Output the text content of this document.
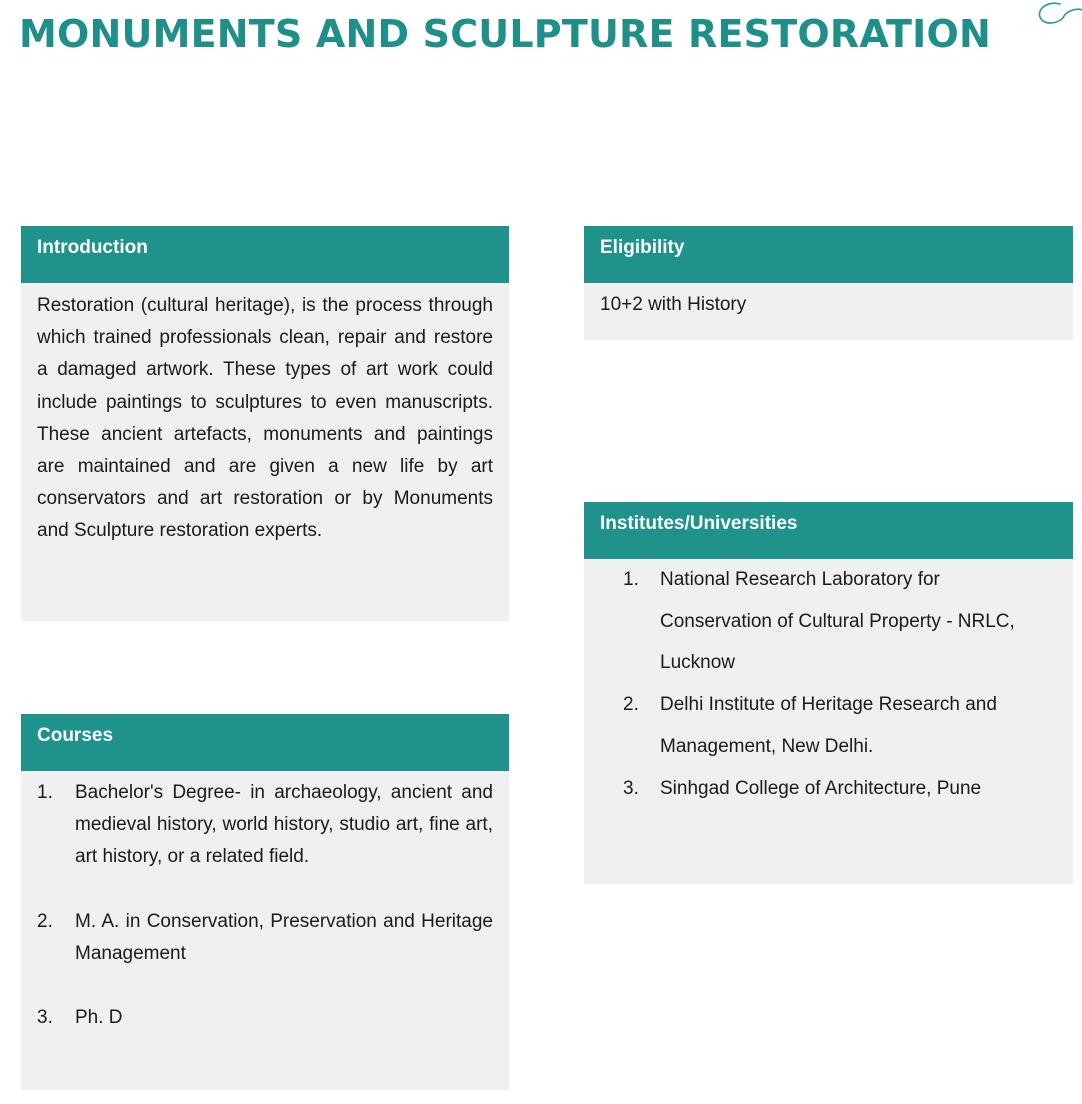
MONUMENTS AND SCULPTURE RESTORATION
Introduction

Restoration (cultural heritage), is the process through which trained professionals clean, repair and restore a damaged artwork. These types of art work could include paintings to sculptures to even manuscripts. These ancient artefacts, monuments and paintings are maintained and are given a new life by art conservators and art restoration or by Monuments and Sculpture restoration experts.

Eligibility

10+2 with History

Institutes/Universities
1.	National Research Laboratory for Conservation of Cultural Property - NRLC, Lucknow
2.	Delhi Institute of Heritage Research and Management, New Delhi.
3.	Sinhgad College of Architecture, Pune
Courses
1.	Bachelor's Degree- in archaeology, ancient and medieval history, world history, studio art, fine art, art history, or a related field.
2.	M. A. in Conservation, Preservation and Heritage Management
3.	Ph. D
